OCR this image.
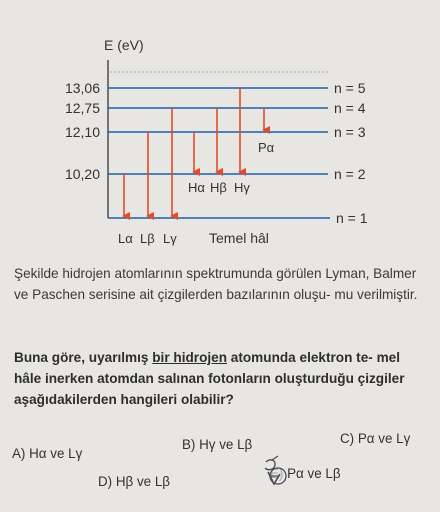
E (eV)
13,06
12,75
12,10
10,20
n = 5
n = 4
n = 3
n = 2
n = 1
Lα Lβ Lγ
Hα Hβ Hγ
Pα
Temel hâl
Şekilde hidrojen atomlarının spektrumunda görülen Lyman, Balmer ve Paschen serisine ait çizgilerden bazılarının oluşu- mu verilmiştir.
Buna göre, uyarılmış bir hidrojen atomunda elektron te- mel hâle inerken atomdan salınan fotonların oluşturduğu çizgiler aşağıdakilerden hangileri olabilir?
A) Hα ve Lγ
B) Hγ ve Lβ	C) Pα ve Lγ
D) Hβ ve Lβ
E) Pα ve Lβ
